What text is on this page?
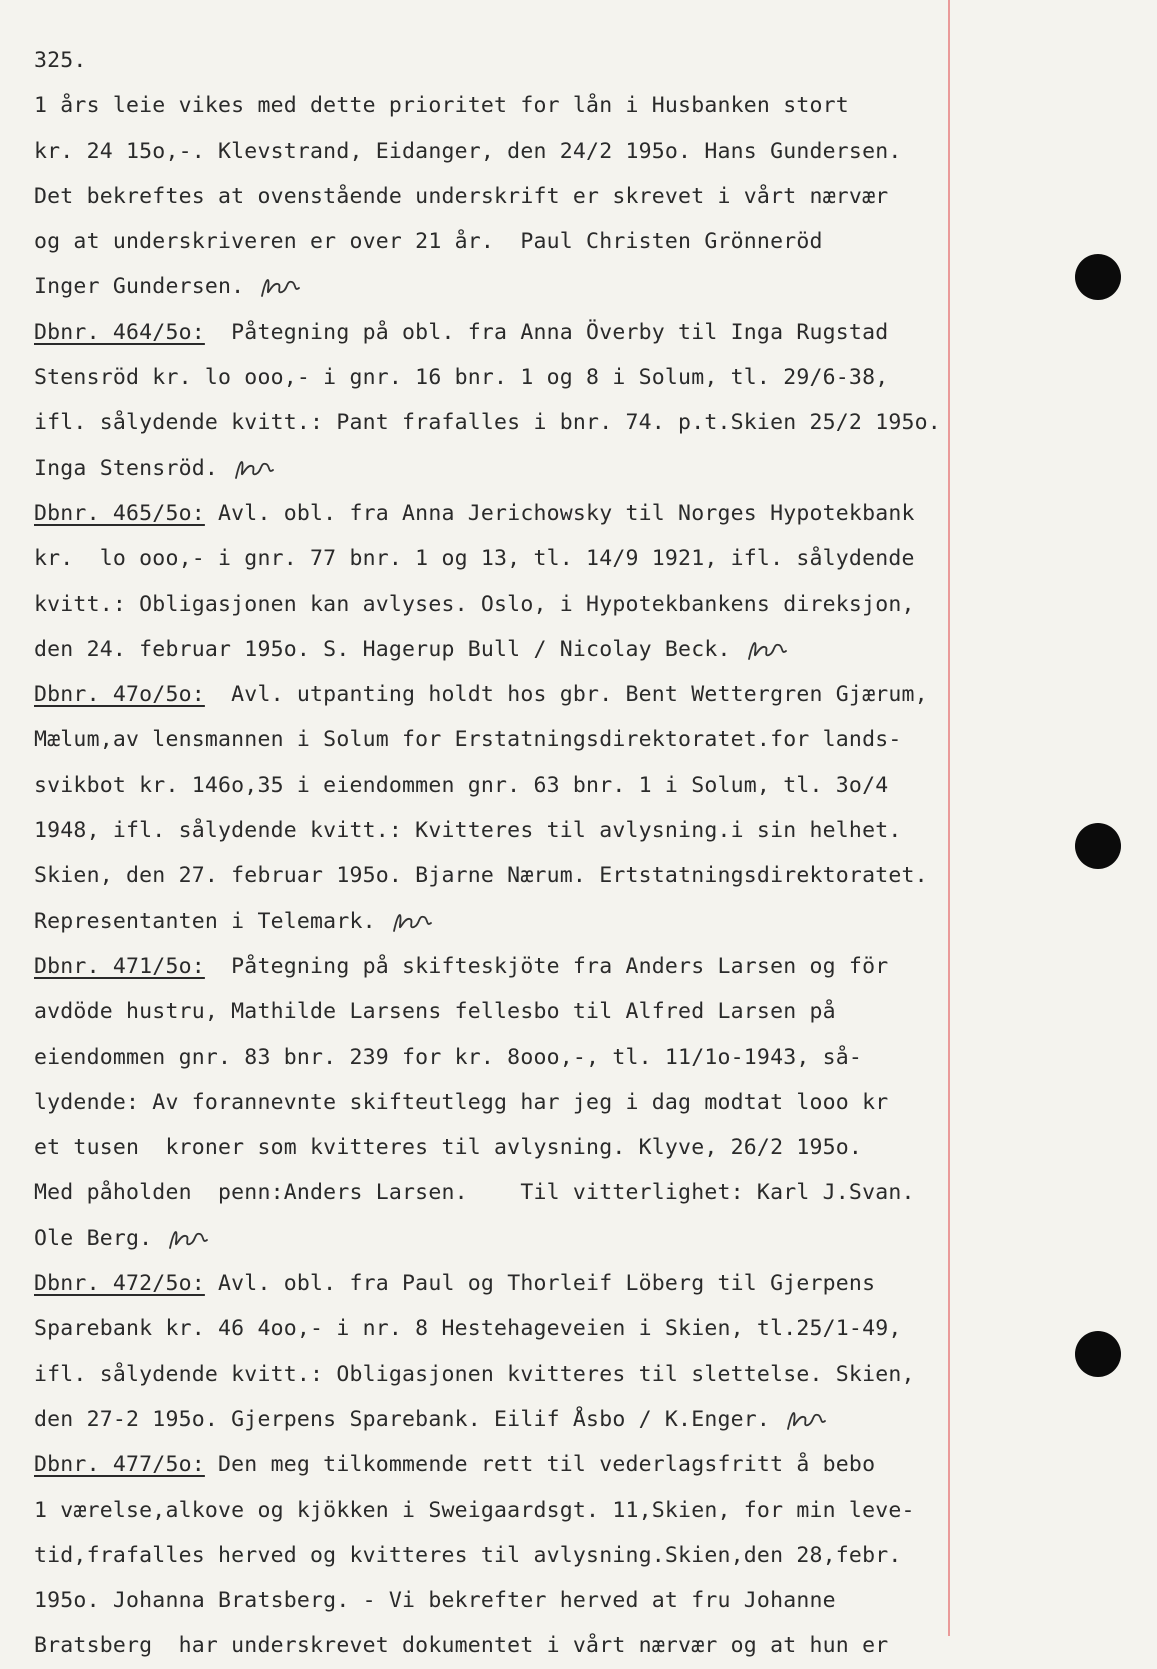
325.
1 års leie vikes med dette prioritet for lån i Husbanken stort
kr. 24 15o,-. Klevstrand, Eidanger, den 24/2 195o. Hans Gundersen.
Det bekreftes at ovenstående underskrift er skrevet i vårt nærvær
og at underskriveren er over 21 år.  Paul Christen Grönneröd
Inger Gundersen.
Dbnr. 464/5o:  Påtegning på obl. fra Anna Överby til Inga Rugstad
Stensröd kr. lo ooo,- i gnr. 16 bnr. 1 og 8 i Solum, tl. 29/6-38,
ifl. sålydende kvitt.: Pant frafalles i bnr. 74. p.t.Skien 25/2 195o.
Inga Stensröd.
Dbnr. 465/5o: Avl. obl. fra Anna Jerichowsky til Norges Hypotekbank
kr.  lo ooo,- i gnr. 77 bnr. 1 og 13, tl. 14/9 1921, ifl. sålydende
kvitt.: Obligasjonen kan avlyses. Oslo, i Hypotekbankens direksjon,
den 24. februar 195o. S. Hagerup Bull / Nicolay Beck.
Dbnr. 47o/5o:  Avl. utpanting holdt hos gbr. Bent Wettergren Gjærum,
Mælum,av lensmannen i Solum for Erstatningsdirektoratet.for lands-
svikbot kr. 146o,35 i eiendommen gnr. 63 bnr. 1 i Solum, tl. 3o/4
1948, ifl. sålydende kvitt.: Kvitteres til avlysning.i sin helhet.
Skien, den 27. februar 195o. Bjarne Nærum. Ertstatningsdirektoratet.
Representanten i Telemark.
Dbnr. 471/5o:  Påtegning på skifteskjöte fra Anders Larsen og för
avdöde hustru, Mathilde Larsens fellesbo til Alfred Larsen på
eiendommen gnr. 83 bnr. 239 for kr. 8ooo,-, tl. 11/1o-1943, så-
lydende: Av forannevnte skifteutlegg har jeg i dag modtat looo kr
et tusen  kroner som kvitteres til avlysning. Klyve, 26/2 195o.
Med påholden  penn:Anders Larsen.    Til vitterlighet: Karl J.Svan.
Ole Berg.
Dbnr. 472/5o: Avl. obl. fra Paul og Thorleif Löberg til Gjerpens
Sparebank kr. 46 4oo,- i nr. 8 Hestehageveien i Skien, tl.25/1-49,
ifl. sålydende kvitt.: Obligasjonen kvitteres til slettelse. Skien,
den 27-2 195o. Gjerpens Sparebank. Eilif Åsbo / K.Enger.
Dbnr. 477/5o: Den meg tilkommende rett til vederlagsfritt å bebo
1 værelse,alkove og kjökken i Sweigaardsgt. 11,Skien, for min leve-
tid,frafalles herved og kvitteres til avlysning.Skien,den 28,febr.
195o. Johanna Bratsberg. - Vi bekrefter herved at fru Johanne
Bratsberg  har underskrevet dokumentet i vårt nærvær og at hun er
